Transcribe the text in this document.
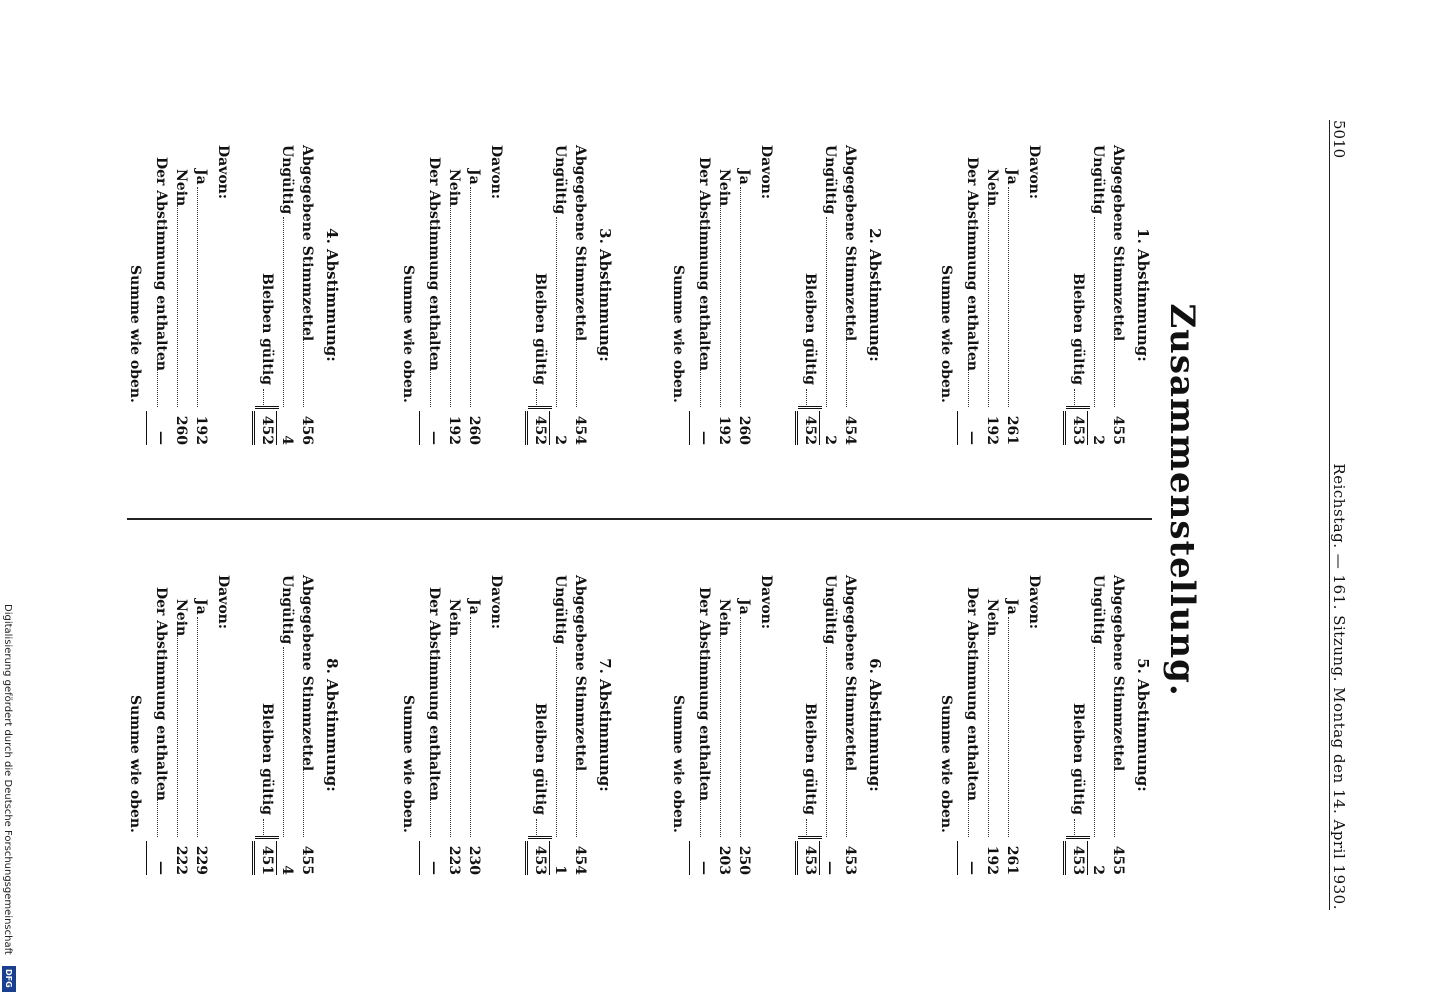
5010
Reichstag. — 161. Sitzung. Montag den 14. April 1930.
Zusammenstellung.
1. Abstimmung:
Abgegebene Stimmzettel
455
Ungültig
2
Ja
261
Nein
192
Der Abstimmung enthalten
—
Davon:
Bleiben gültig
453
Summe wie oben.
2. Abstimmung:
Abgegebene Stimmzettel
454
Ungültig
2
Ja
260
Nein
192
Der Abstimmung enthalten
—
Davon:
Bleiben gültig
452
Summe wie oben.
3. Abstimmung:
Abgegebene Stimmzettel
454
Ungültig
2
Ja
260
Nein
192
Der Abstimmung enthalten
—
Davon:
Bleiben gültig
452
Summe wie oben.
4. Abstimmung:
Abgegebene Stimmzettel
456
Ungültig
4
Ja
192
Nein
260
Der Abstimmung enthalten
—
Davon:
Bleiben gültig
452
Summe wie oben.
5. Abstimmung:
Abgegebene Stimmzettel
455
Ungültig
2
Ja
261
Nein
192
Der Abstimmung enthalten
—
Davon:
Bleiben gültig
453
Summe wie oben.
6. Abstimmung:
Abgegebene Stimmzettel
453
Ungültig
—
Ja
250
Nein
203
Der Abstimmung enthalten
—
Davon:
Bleiben gültig
453
Summe wie oben.
7. Abstimmung:
Abgegebene Stimmzettel
454
Ungültig
1
Ja
230
Nein
223
Der Abstimmung enthalten
—
Davon:
Bleiben gültig
453
Summe wie oben.
8. Abstimmung:
Abgegebene Stimmzettel
455
Ungültig
4
Ja
229
Nein
222
Der Abstimmung enthalten
—
Davon:
Bleiben gültig
451
Summe wie oben.
Digitalisierung gefördert durch die Deutsche Forschungsgemeinschaft
DFG
